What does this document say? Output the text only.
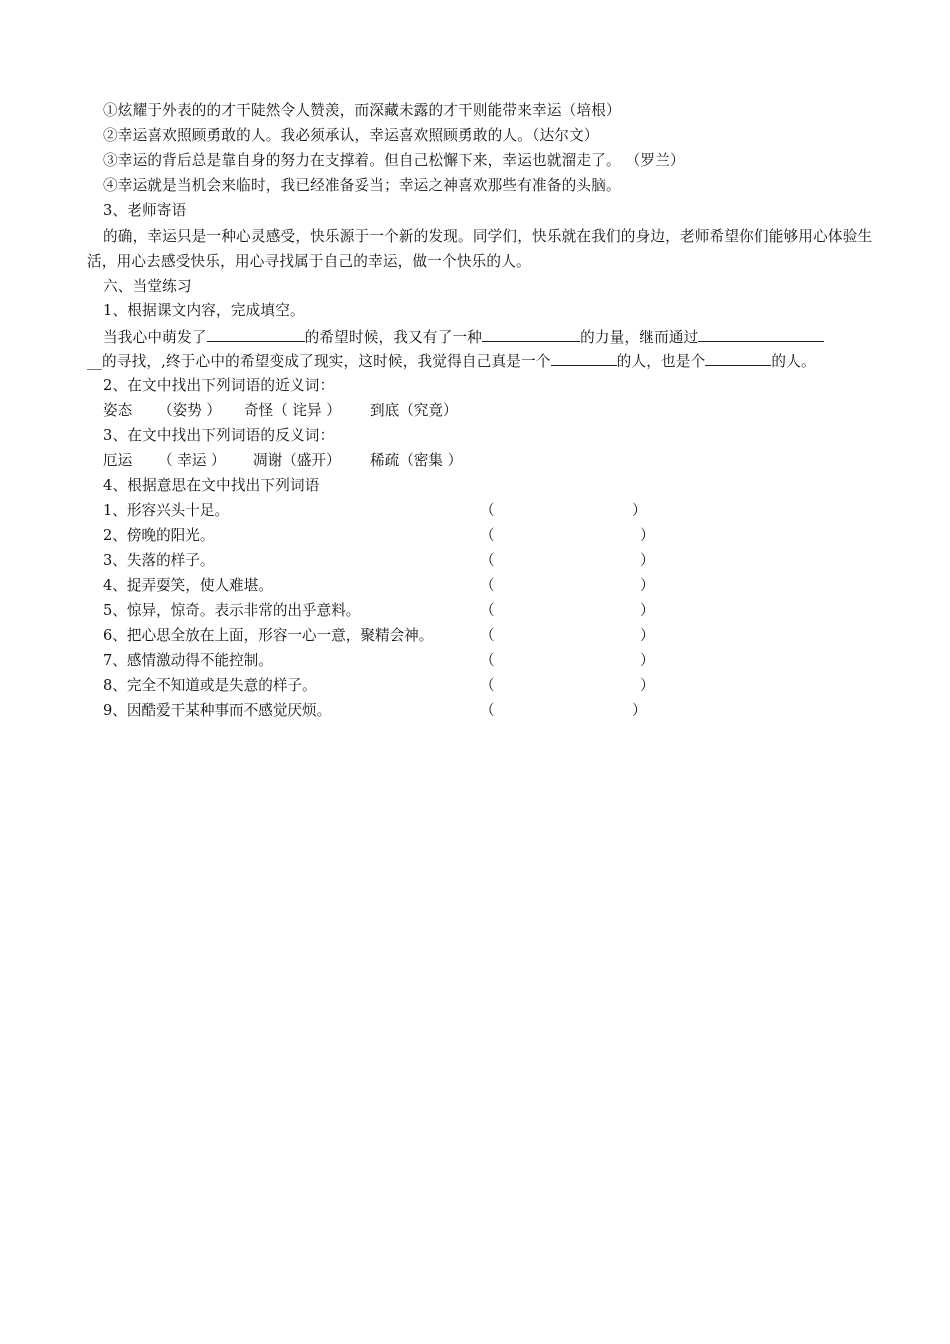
①炫耀于外表的的才干陡然令人赞羡，而深藏未露的才干则能带来幸运（培根）
②幸运喜欢照顾勇敢的人。我必须承认，幸运喜欢照顾勇敢的人。（达尔文）
③幸运的背后总是靠自身的努力在支撑着。但自己松懈下来，幸运也就溜走了。 （罗兰）
④幸运就是当机会来临时，我已经准备妥当；幸运之神喜欢那些有准备的头脑。
3、老师寄语
的确，幸运只是一种心灵感受，快乐源于一个新的发现。同学们，快乐就在我们的身边，老师希望你们能够用心体验生活，用心去感受快乐，用心寻找属于自己的幸运，做一个快乐的人。
六、当堂练习
1、根据课文内容，完成填空。
当我心中萌发了	的希望时候，我又有了一种	的力量，继而通过
__的寻找，,终于心中的希望变成了现实，这时候，我觉得自己真是一个	的人，也是个	的人。
2、在文中找出下列词语的近义词：
姿态 （姿势 ） 奇怪（ 诧异 ） 到底（究竟）
3、在文中找出下列词语的反义词：
厄运 （ 幸运 ） 凋谢（盛开） 稀疏（密集 ）
4、根据意思在文中找出下列词语
1、形容兴头十足。	（	）
2、傍晚的阳光。	（	）
3、失落的样子。	（	）
4、捉弄耍笑，使人难堪。	（	）
5、惊异，惊奇。表示非常的出乎意料。	（	）
6、把心思全放在上面，形容一心一意，聚精会神。	（	）
7、感情激动得不能控制。	（	）
8、完全不知道或是失意的样子。	（	）
9、因酷爱干某种事而不感觉厌烦。	（	）
